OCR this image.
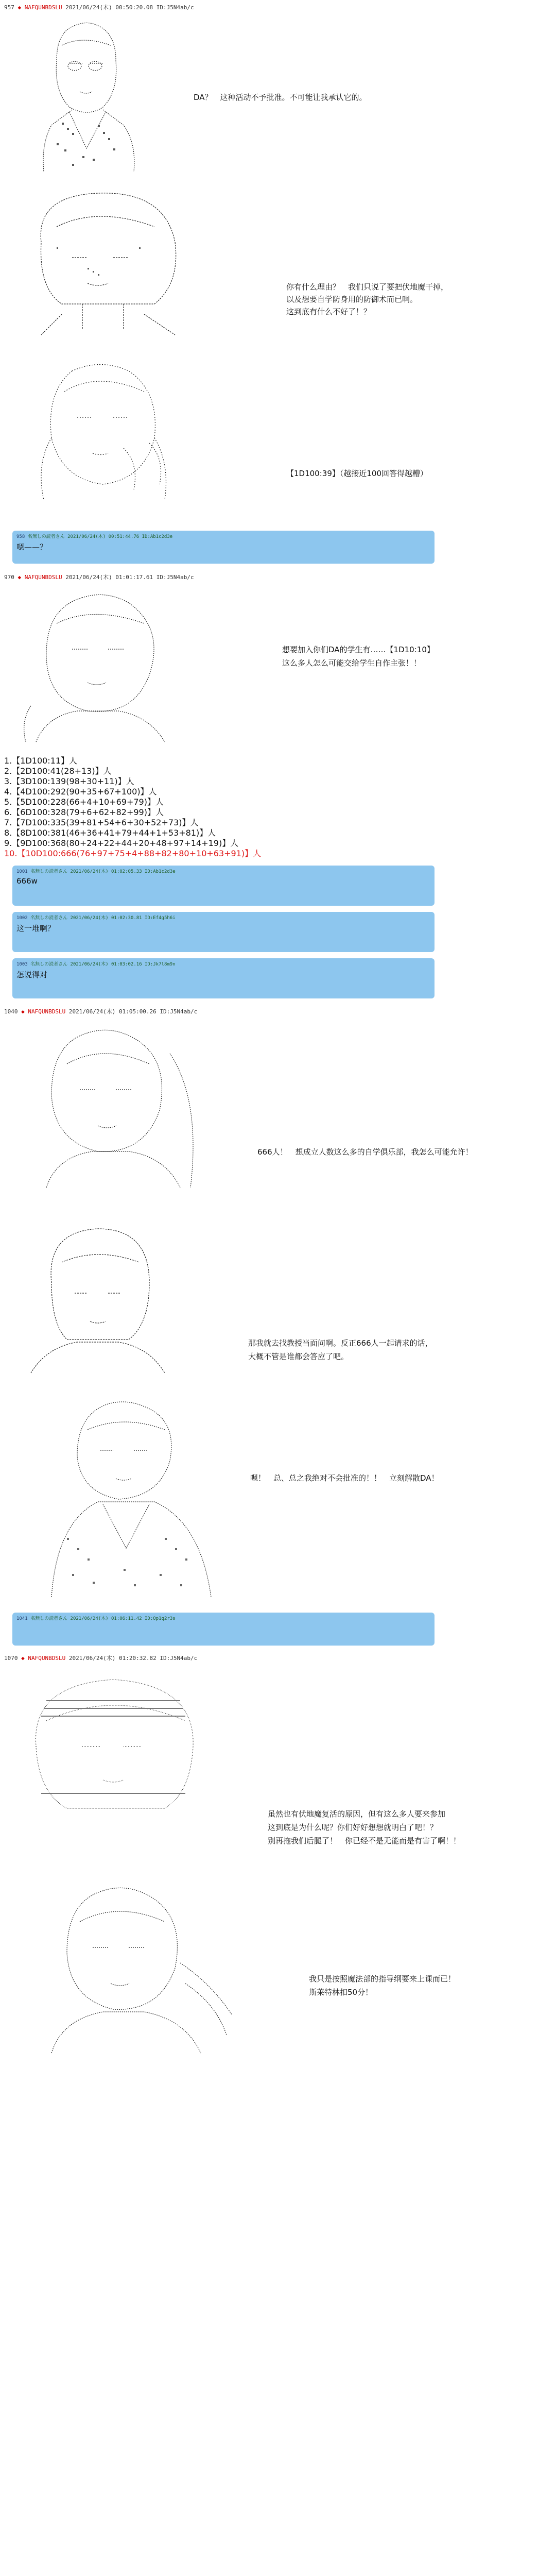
957 ◆ NAFQUNBDSLU 2021/06/24(木) 00:50:20.08 ID:J5N4ab/c
DA？　这种活动不予批准。不可能让我承认它的。
你有什么理由？　我们只说了要把伏地魔干掉，
以及想要自学防身用的防御术而已啊。
这到底有什么不好了！？
【1D100:39】（越接近100回答得越糟）
958 名無しの読者さん 2021/06/24(木) 00:51:44.76 ID:Ab1c2d3e
嗯——？
970 ◆ NAFQUNBDSLU 2021/06/24(木) 01:01:17.61 ID:J5N4ab/c
想要加入你们DA的学生有……【1D10:10】
这么多人怎么可能交给学生自作主张！！
1.【1D100:11】人
2.【2D100:41(28+13)】人
3.【3D100:139(98+30+11)】人
4.【4D100:292(90+35+67+100)】人
5.【5D100:228(66+4+10+69+79)】人
6.【6D100:328(79+6+62+82+99)】人
7.【7D100:335(39+81+54+6+30+52+73)】人
8.【8D100:381(46+36+41+79+44+1+53+81)】人
9.【9D100:368(80+24+22+44+20+48+97+14+19)】人
10.【10D100:666(76+97+75+4+88+82+80+10+63+91)】人
1001 名無しの読者さん 2021/06/24(木) 01:02:05.33 ID:Ab1c2d3e
666w
1002 名無しの読者さん 2021/06/24(木) 01:02:30.81 ID:Ef4g5h6i
这一堆啊？
1003 名無しの読者さん 2021/06/24(木) 01:03:02.16 ID:Jk7l8m9n
怎说得对
1040 ◆ NAFQUNBDSLU 2021/06/24(木) 01:05:00.26 ID:J5N4ab/c
666人！　想成立人数这么多的自学俱乐部，我怎么可能允许！
那我就去找教授当面问啊。反正666人一起请求的话，
大概不管是谁都会答应了吧。
嗯！　总、总之我绝对不会批准的！！　立刻解散DA！
1041 名無しの読者さん 2021/06/24(木) 01:06:11.42 ID:Op1q2r3s
1070 ◆ NAFQUNBDSLU 2021/06/24(木) 01:20:32.82 ID:J5N4ab/c
虽然也有伏地魔复活的原因，但有这么多人要来参加
这到底是为什么呢？你们好好想想就明白了吧！？
别再拖我们后腿了！　你已经不是无能而是有害了啊！！
我只是按照魔法部的指导纲要来上课而已！
斯莱特林扣50分！
